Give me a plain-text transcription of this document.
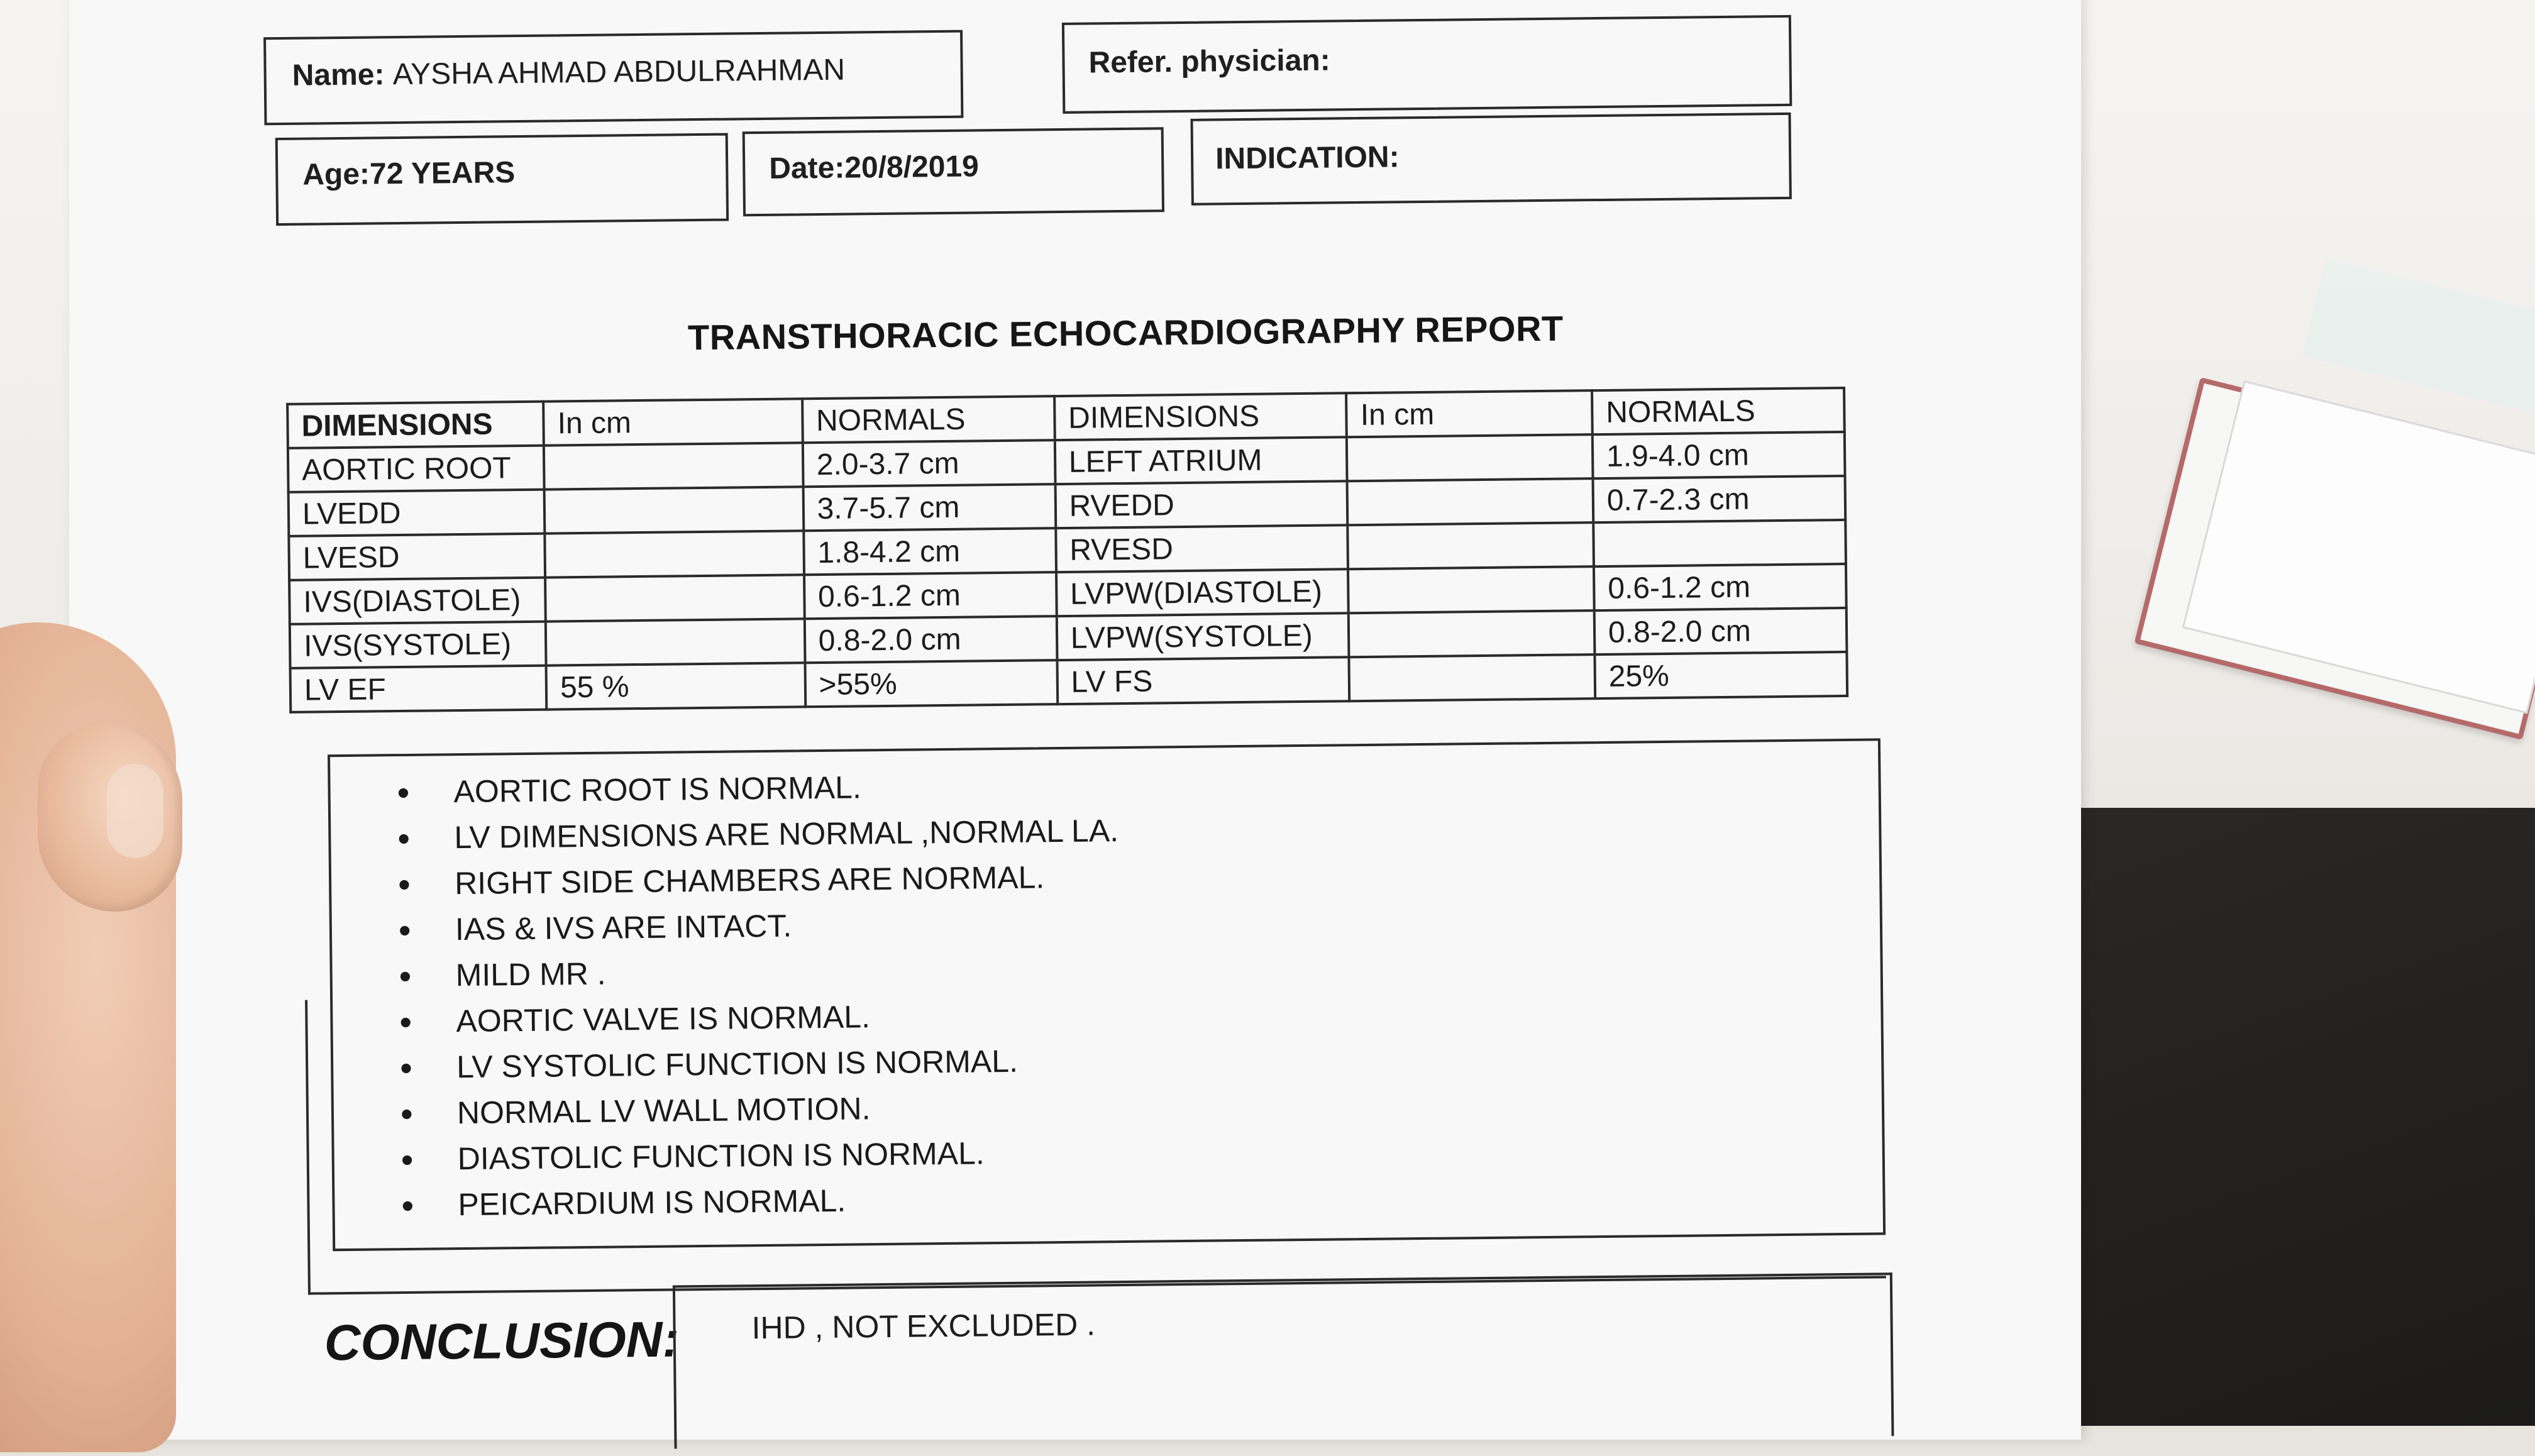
Name: AYSHA AHMAD ABDULRAHMAN	Refer. physician:
Age:72 YEARS	Date:20/8/2019	INDICATION:
TRANSTHORACIC ECHOCARDIOGRAPHY REPORT
DIMENSIONS	In cm	NORMALS	DIMENSIONS	In cm	NORMALS
AORTIC ROOT		2.0-3.7 cm	LEFT ATRIUM		1.9-4.0 cm
LVEDD		3.7-5.7 cm	RVEDD		0.7-2.3 cm
LVESD		1.8-4.2 cm	RVESD		
IVS(DIASTOLE)		0.6-1.2 cm	LVPW(DIASTOLE)		0.6-1.2 cm
IVS(SYSTOLE)		0.8-2.0 cm	LVPW(SYSTOLE)		0.8-2.0 cm
LV EF	55 %	>55%	LV FS		25%
• AORTIC ROOT IS NORMAL.
• LV DIMENSIONS ARE NORMAL ,NORMAL LA.
• RIGHT SIDE CHAMBERS ARE NORMAL.
• IAS & IVS ARE INTACT.
• MILD MR .
• AORTIC VALVE IS NORMAL.
• LV SYSTOLIC FUNCTION IS NORMAL.
• NORMAL LV WALL MOTION.
• DIASTOLIC FUNCTION IS NORMAL.
• PEICARDIUM IS NORMAL.
CONCLUSION: IHD , NOT EXCLUDED .
